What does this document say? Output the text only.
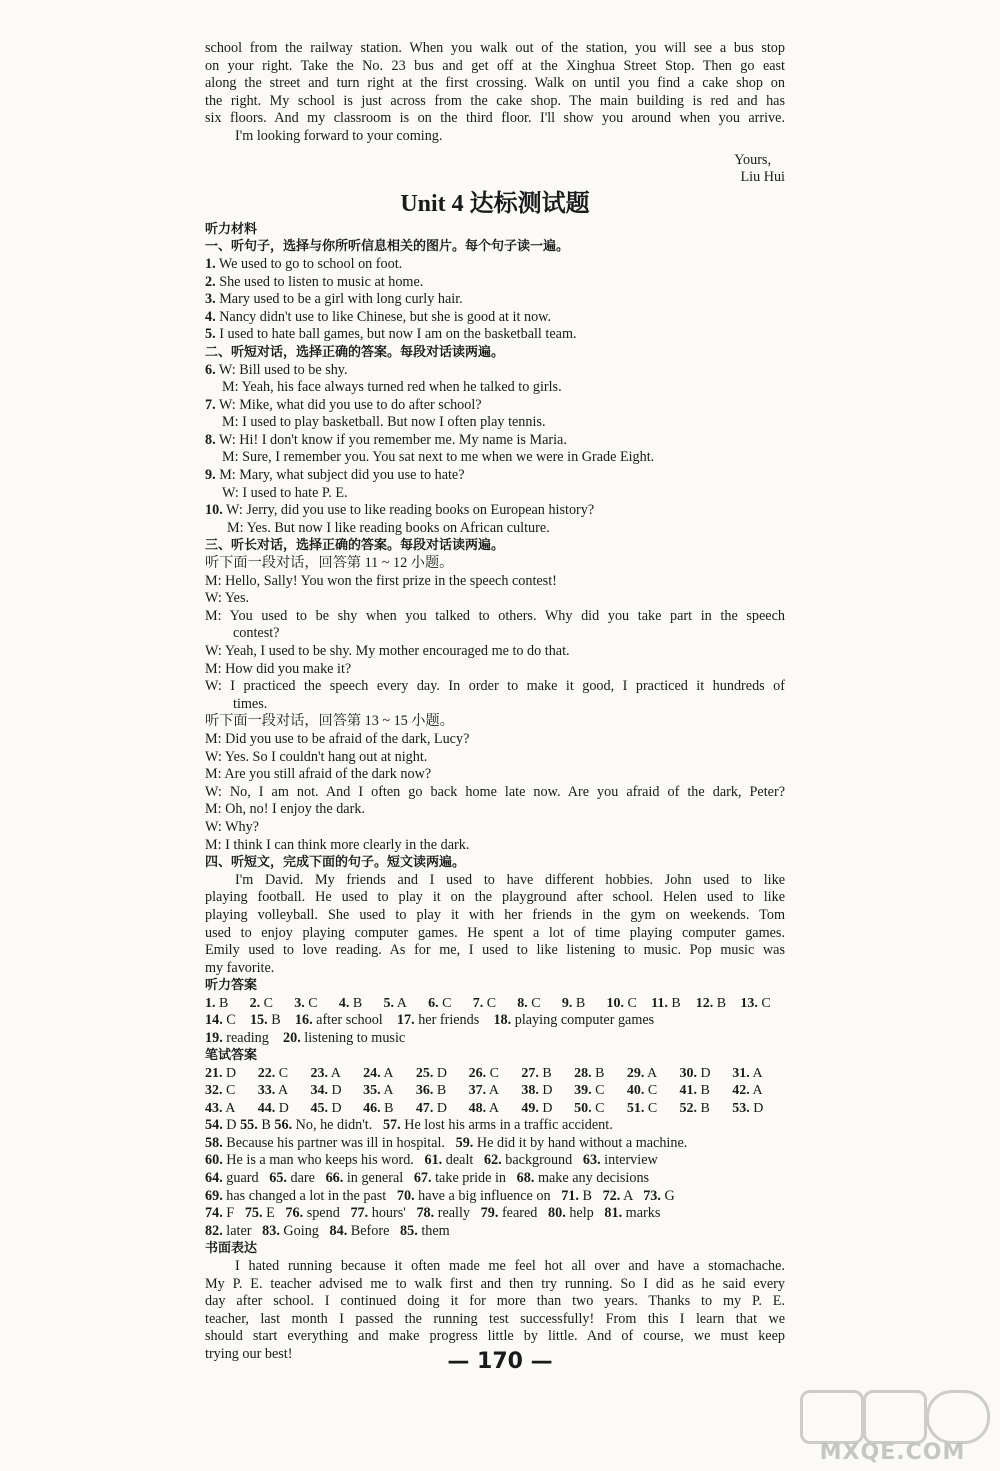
school from the railway station. When you walk out of the station, you will see a bus stop
on your right. Take the No. 23 bus and get off at the Xinghua Street Stop. Then go east
along the street and turn right at the first crossing. Walk on until you find a cake shop on
the right. My school is just across from the cake shop. The main building is red and has
six floors. And my classroom is on the third floor. I'll show you around when you arrive.
I'm looking forward to your coming.
Yours,
Liu Hui
Unit 4 达标测试题
听力材料
一、听句子，选择与你所听信息相关的图片。每个句子读一遍。
1. We used to go to school on foot.
2. She used to listen to music at home.
3. Mary used to be a girl with long curly hair.
4. Nancy didn't use to like Chinese, but she is good at it now.
5. I used to hate ball games, but now I am on the basketball team.
二、听短对话，选择正确的答案。每段对话读两遍。
6. W: Bill used to be shy.
M: Yeah, his face always turned red when he talked to girls.
7. W: Mike, what did you use to do after school?
M: I used to play basketball. But now I often play tennis.
8. W: Hi! I don't know if you remember me. My name is Maria.
M: Sure, I remember you. You sat next to me when we were in Grade Eight.
9. M: Mary, what subject did you use to hate?
W: I used to hate P. E.
10. W: Jerry, did you use to like reading books on European history?
M: Yes. But now I like reading books on African culture.
三、听长对话，选择正确的答案。每段对话读两遍。
听下面一段对话，回答第 11 ~ 12 小题。
M: Hello, Sally! You won the first prize in the speech contest!
W: Yes.
M: You used to be shy when you talked to others. Why did you take part in the speech
contest?
W: Yeah, I used to be shy. My mother encouraged me to do that.
M: How did you make it?
W: I practiced the speech every day. In order to make it good, I practiced it hundreds of
times.
听下面一段对话，回答第 13 ~ 15 小题。
M: Did you use to be afraid of the dark, Lucy?
W: Yes. So I couldn't hang out at night.
M: Are you still afraid of the dark now?
W: No, I am not. And I often go back home late now. Are you afraid of the dark, Peter?
M: Oh, no! I enjoy the dark.
W: Why?
M: I think I can think more clearly in the dark.
四、听短文，完成下面的句子。短文读两遍。
I'm David. My friends and I used to have different hobbies. John used to like
playing football. He used to play it on the playground after school. Helen used to like
playing volleyball. She used to play it with her friends in the gym on weekends. Tom
used to enjoy playing computer games. He spent a lot of time playing computer games.
Emily used to love reading. As for me, I used to like listening to music. Pop music was
my favorite.
听力答案
1. B	2. C	3. C	4. B	5. A	6. C	7. C	8. C	9. B	10. C	11. B	12. B	13. C
14. C 15. B 16. after school 17. her friends 18. playing computer games
19. reading 20. listening to music
笔试答案
21. D	22. C	23. A	24. A	25. D	26. C	27. B	28. B	29. A	30. D	31. A
32. C	33. A	34. D	35. A	36. B	37. A	38. D	39. C	40. C	41. B	42. A
43. A	44. D	45. D	46. B	47. D	48. A	49. D	50. C	51. C	52. B	53. D
54. D 55. B 56. No, he didn't.   57. He lost his arms in a traffic accident.
58. Because his partner was ill in hospital.   59. He did it by hand without a machine.
60. He is a man who keeps his word.   61. dealt   62. background   63. interview
64. guard   65. dare   66. in general   67. take pride in   68. make any decisions
69. has changed a lot in the past   70. have a big influence on   71. B   72. A   73. G
74. F   75. E   76. spend   77. hours'   78. really   79. feared   80. help   81. marks
82. later   83. Going   84. Before   85. them
书面表达
I hated running because it often made me feel hot all over and have a stomachache.
My P. E. teacher advised me to walk first and then try running. So I did as he said every
day after school. I continued doing it for more than two years. Thanks to my P. E.
teacher, last month I passed the running test successfully! From this I learn that we
should start everything and make progress little by little. And of course, we must keep
trying our best!	— 170 —
MXQE.COM
